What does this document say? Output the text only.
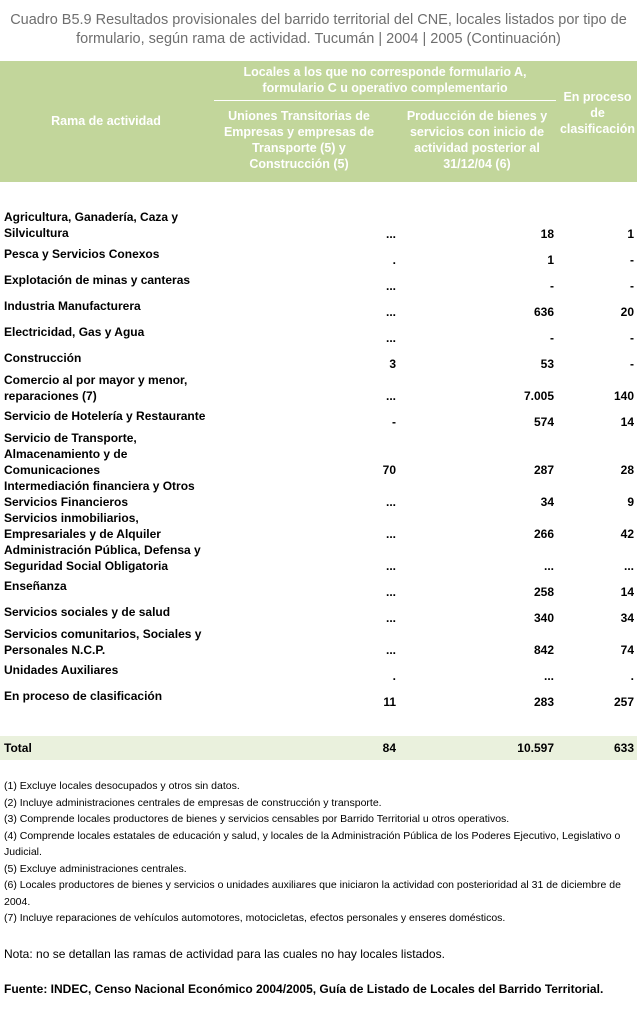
Cuadro B5.9 Resultados provisionales del barrido territorial del CNE, locales listados por tipo de formulario, según rama de actividad. Tucumán | 2004 | 2005 (Continuación)
Rama de actividad
Locales a los que no corresponde formulario A, formulario C u operativo complementario
Uniones Transitorias de Empresas y empresas de Transporte (5) y Construcción (5)
Producción de bienes y servicios con inicio de actividad posterior al 31/12/04 (6)
En proceso de clasificación
Agricultura, Ganadería, Caza y Silvicultura	...	18	1
Pesca y Servicios Conexos	.	1	-
Explotación de minas y canteras	...	-	-
Industria Manufacturera	...	636	20
Electricidad, Gas y Agua	...	-	-
Construcción	3	53	-
Comercio al por mayor y menor, reparaciones (7)	...	7.005	140
Servicio de Hotelería y Restaurante	-	574	14
Servicio de Transporte, Almacenamiento y de Comunicaciones	70	287	28
Intermediación financiera y Otros Servicios Financieros	...	34	9
Servicios inmobiliarios, Empresariales y de Alquiler	...	266	42
Administración Pública, Defensa y Seguridad Social Obligatoria	...	...	...
Enseñanza	...	258	14
Servicios sociales y de salud	...	340	34
Servicios comunitarios, Sociales y Personales N.C.P.	...	842	74
Unidades Auxiliares	.	...	.
En proceso de clasificación	11	283	257
Total	84	10.597	633
(1) Excluye locales desocupados y otros sin datos.
(2) Incluye administraciones centrales de empresas de construcción y transporte.
(3) Comprende locales productores de bienes y servicios censables por Barrido Territorial u otros operativos.
(4) Comprende locales estatales de educación y salud, y locales de la Administración Pública de los Poderes Ejecutivo, Legislativo o Judicial.
(5) Excluye administraciones centrales.
(6) Locales productores de bienes y servicios o unidades auxiliares que iniciaron la actividad con posterioridad al 31 de diciembre de 2004.
(7) Incluye reparaciones de vehículos automotores, motocicletas, efectos personales y enseres domésticos.
Nota: no se detallan las ramas de actividad para las cuales no hay locales listados.
Fuente: INDEC, Censo Nacional Económico 2004/2005, Guía de Listado de Locales del Barrido Territorial.
